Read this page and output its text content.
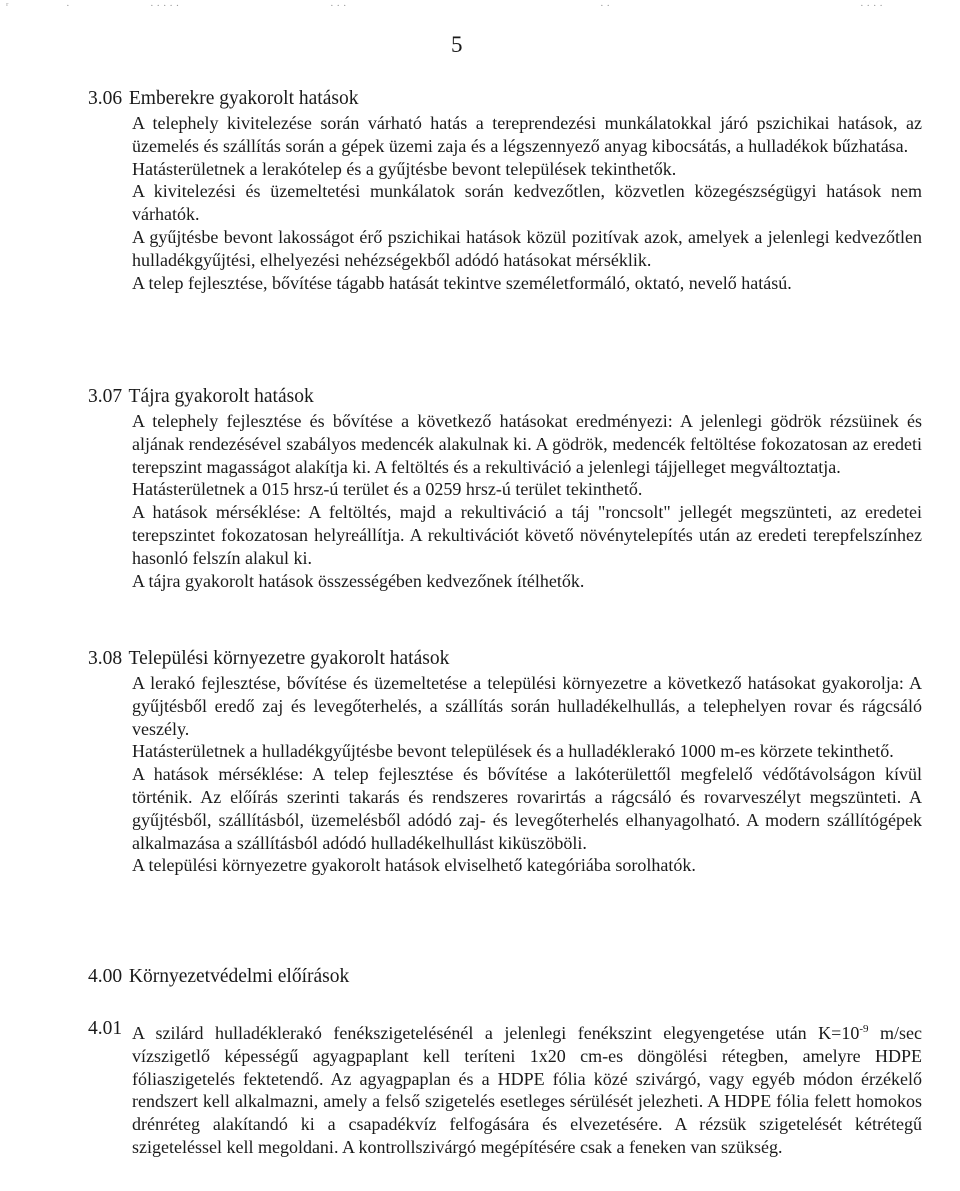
ʳ	·	· · · · ·	· · ·	· ·	· · · ·
5
3.06 Emberekre gyakorolt hatások

A telephely kivitelezése során várható hatás a tereprendezési munkálatokkal járó pszichikai hatások, az üzemelés és szállítás során a gépek üzemi zaja és a légszennyező anyag kibocsátás, a hulladékok bűzhatása.

Hatásterületnek a lerakótelep és a gyűjtésbe bevont települések tekinthetők.

A kivitelezési és üzemeltetési munkálatok során kedvezőtlen, közvetlen közegészségügyi hatások nem várhatók.

A gyűjtésbe bevont lakosságot érő pszichikai hatások közül pozitívak azok, amelyek a jelenlegi kedvezőtlen hulladékgyűjtési, elhelyezési nehézségekből adódó hatásokat mérséklik.

A telep fejlesztése, bővítése tágabb hatását tekintve személetformáló, oktató, nevelő hatású.

3.07 Tájra gyakorolt hatások

A telephely fejlesztése és bővítése a következő hatásokat eredményezi: A jelenlegi gödrök rézsüinek és aljának rendezésével szabályos medencék alakulnak ki. A gödrök, medencék feltöltése fokozatosan az eredeti terepszint magasságot alakítja ki. A feltöltés és a rekultiváció a jelenlegi tájjelleget megváltoztatja.

Hatásterületnek a 015 hrsz-ú terület és a 0259 hrsz-ú terület tekinthető.

A hatások mérséklése: A feltöltés, majd a rekultiváció a táj "roncsolt" jellegét megszünteti, az eredetei terepszintet fokozatosan helyreállítja. A rekultivációt követő növénytelepítés után az eredeti terepfelszínhez hasonló felszín alakul ki.

A tájra gyakorolt hatások összességében kedvezőnek ítélhetők.

3.08 Települési környezetre gyakorolt hatások

A lerakó fejlesztése, bővítése és üzemeltetése a települési környezetre a következő hatásokat gyakorolja: A gyűjtésből eredő zaj és levegőterhelés, a szállítás során hulladékelhullás, a telephelyen rovar és rágcsáló veszély.

Hatásterületnek a hulladékgyűjtésbe bevont települések és a hulladéklerakó 1000 m-es körzete tekinthető.

A hatások mérséklése: A telep fejlesztése és bővítése a lakóterülettől megfelelő védőtávolságon kívül történik. Az előírás szerinti takarás és rendszeres rovarirtás a rágcsáló és rovarveszélyt megszünteti. A gyűjtésből, szállításból, üzemelésből adódó zaj- és levegőterhelés elhanyagolható. A modern szállítógépek alkalmazása a szállításból adódó hulladékelhullást kiküszöböli.

A települési környezetre gyakorolt hatások elviselhető kategóriába sorolhatók.

4.00 Környezetvédelmi előírások
4.01 A szilárd hulladéklerakó fenékszigetelésénél a jelenlegi fenékszint elegyengetése után $K=10^{-9}$ m/sec vízszigetlő képességű agyagpaplant kell teríteni 1x20 cm-es döngölési rétegben, amelyre HDPE fóliaszigetelés fektetendő. Az agyagpaplan és a HDPE fólia közé szivárgó, vagy egyéb módon érzékelő rendszert kell alkalmazni, amely a felső szigetelés esetleges sérülését jelezheti. A HDPE fólia felett homokos drénréteg alakítandó ki a csapadékvíz felfogására és elvezetésére. A rézsük szigetelését kétrétegű szigeteléssel kell megoldani. A kontrollszivárgó megépítésére csak a feneken van szükség.
